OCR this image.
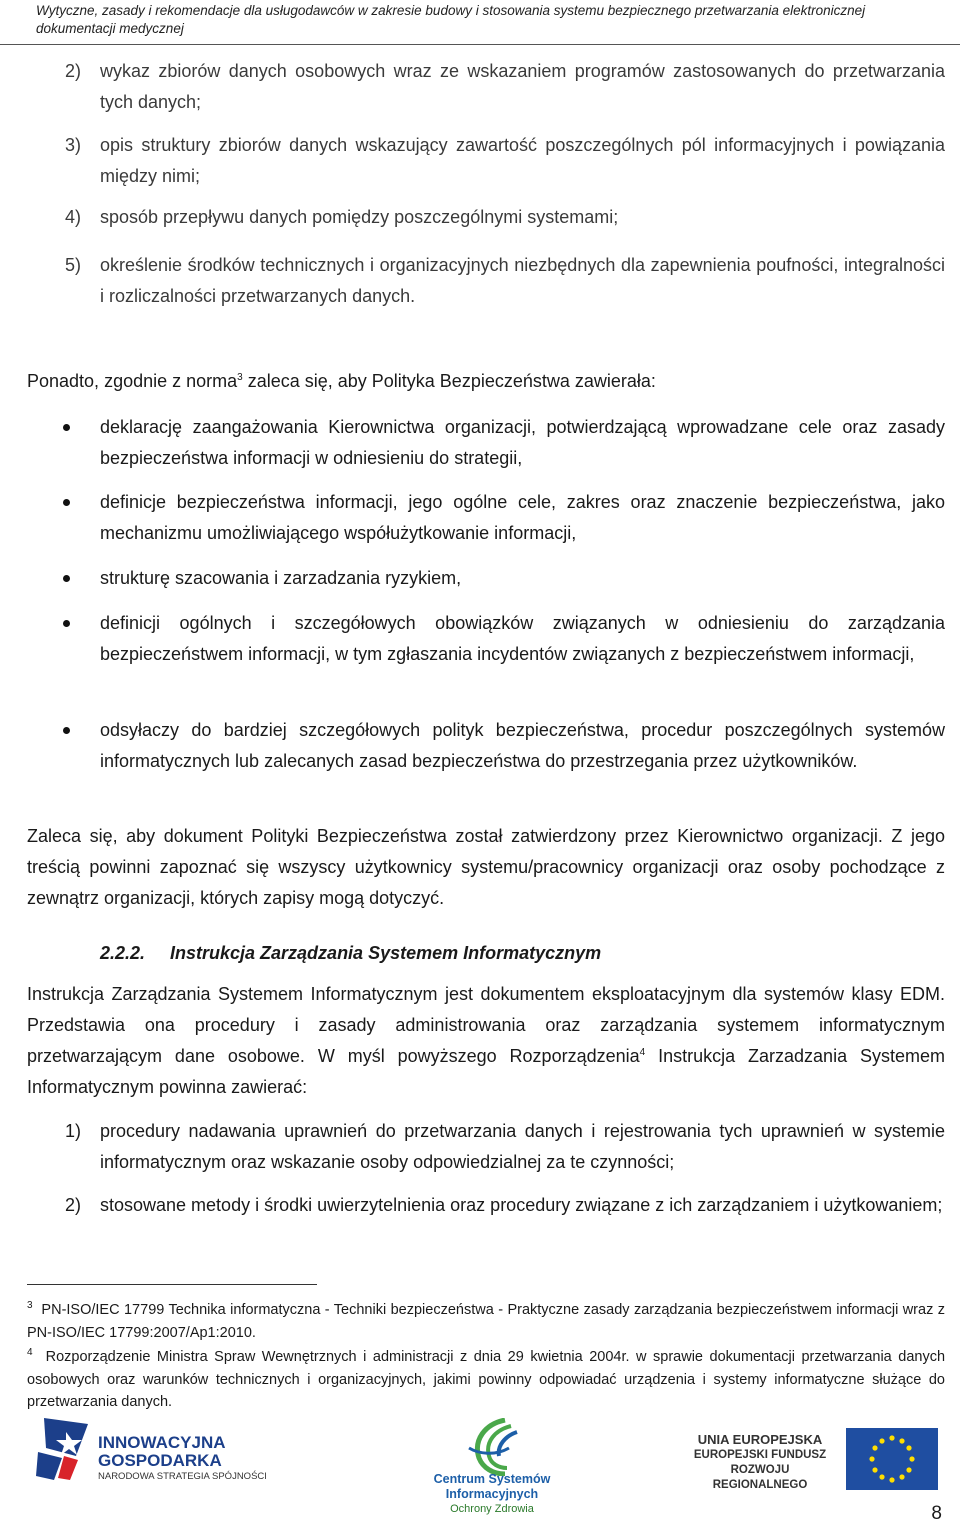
Wytyczne, zasady i rekomendacje dla usługodawców w zakresie budowy i stosowania systemu bezpiecznego przetwarzania elektronicznej
dokumentacji medycznej
2) wykaz zbiorów danych osobowych wraz ze wskazaniem programów zastosowanych do przetwarzania tych danych;

3) opis struktury zbiorów danych wskazujący zawartość poszczególnych pól informacyjnych i powiązania między nimi;

4) sposób przepływu danych pomiędzy poszczególnymi systemami;

5) określenie środków technicznych i organizacyjnych niezbędnych dla zapewnienia poufności, integralności i rozliczalności przetwarzanych danych.

Ponadto, zgodnie z norma$^3$ zaleca się, aby Polityka Bezpieczeństwa zawierała:

deklarację zaangażowania Kierownictwa organizacji, potwierdzającą wprowadzane cele oraz zasady bezpieczeństwa informacji w odniesieniu do strategii,

definicje bezpieczeństwa informacji, jego ogólne cele, zakres oraz znaczenie bezpieczeństwa, jako mechanizmu umożliwiającego współużytkowanie informacji,

strukturę szacowania i zarzadzania ryzykiem,

definicji ogólnych i szczegółowych obowiązków związanych w odniesieniu do zarządzania bezpieczeństwem informacji, w tym zgłaszania incydentów związanych z bezpieczeństwem informacji,

odsyłaczy do bardziej szczegółowych polityk bezpieczeństwa, procedur poszczególnych systemów informatycznych lub zalecanych zasad bezpieczeństwa do przestrzegania przez użytkowników.

Zaleca się, aby dokument Polityki Bezpieczeństwa został zatwierdzony przez Kierownictwo organizacji. Z jego treścią powinni zapoznać się wszyscy użytkownicy systemu/pracownicy organizacji oraz osoby pochodzące z zewnątrz organizacji, których zapisy mogą dotyczyć.

2.2.2. Instrukcja Zarządzania Systemem Informatycznym

Instrukcja Zarządzania Systemem Informatycznym jest dokumentem eksploatacyjnym dla systemów klasy EDM. Przedstawia ona procedury i zasady administrowania oraz zarządzania systemem informatycznym przetwarzającym dane osobowe. W myśl powyższego Rozporządzenia$^4$ Instrukcja Zarzadzania Systemem Informatycznym powinna zawierać:

1) procedury nadawania uprawnień do przetwarzania danych i rejestrowania tych uprawnień w systemie informatycznym oraz wskazanie osoby odpowiedzialnej za te czynności;

2) stosowane metody i środki uwierzytelnienia oraz procedury związane z ich zarządzaniem i użytkowaniem;

$^3$ PN-ISO/IEC 17799 Technika informatyczna - Techniki bezpieczeństwa - Praktyczne zasady zarządzania bezpieczeństwem informacji wraz z PN-ISO/IEC 17799:2007/Ap1:2010.

$^4$ Rozporządzenie Ministra Spraw Wewnętrznych i administracji z dnia 29 kwietnia 2004r. w sprawie dokumentacji przetwarzania danych osobowych oraz warunków technicznych i organizacyjnych, jakimi powinny odpowiadać urządzenia i systemy informatyczne służące do przetwarzania danych.

INNOWACYJNA
GOSPODARKA
NARODOWA STRATEGIA SPÓJNOŚCI	Centrum Systemów Informacyjnych
Ochrony Zdrowia
UNIA EUROPEJSKA
EUROPEJSKI FUNDUSZ
ROZWOJU REGIONALNEGO
8
